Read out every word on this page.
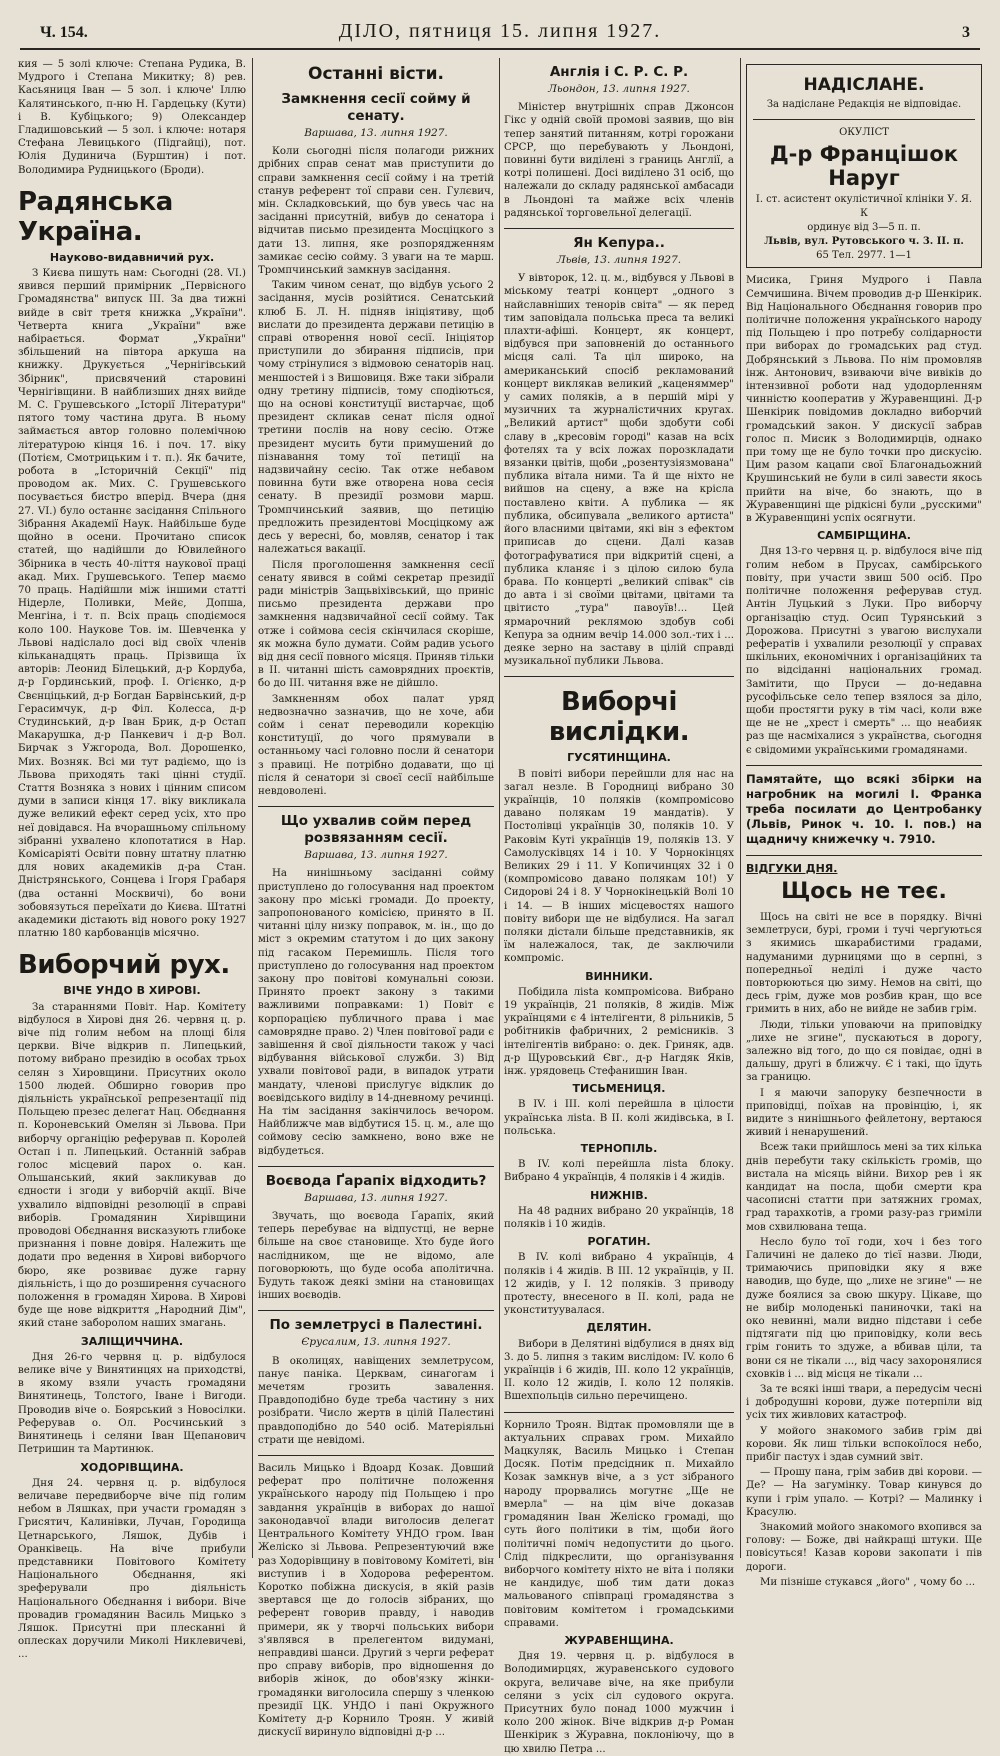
Ч. 154.	ДІЛО, пятниця 15. липня 1927.	3

кия — 5 золі ключе: Степана Рудика, В. Мудрого і Степана Микитку; 8) рев. Касьяниця Іван — 5 зол. і ключе' Іллю Калятинського, п-ню Н. Гардецьку (Кути) і В. Кубіцького; 9) Олександер Гладишовський — 5 зол. і ключе: нотаря Стефана Левицького (Підгайці), пот. Юлія Дудинича (Бурштин) і пот. Володимира Рудницького (Броди).

Радянська Україна.
Науково-видавничий рух.

З Києва пишуть нам: Сьогодні (28. VI.) явився перший примірник „Первісного Громадянства" випуск III. За два тижні вийде в світ третя книжка „України". Четверта книга „України" вже набірається. Формат „України" збільшений на півтора аркуша на книжку. Друкується „Чернігівський Збірник", присвячений старовині Чернігівщини. В найблизших днях вийде М. С. Грушевського „Історії Літератури" пятого тому частина друга. В ньому займається автор головно полемічною літературою кінця 16. і поч. 17. віку (Потієм, Смотрицьким і т. п.). Як бачите, робота в „Історичній Секції" під проводом ак. Мих. С. Грушевського посувається бистро вперід. Вчера (дня 27. VI.) було останнє засідання Спільного Зібрання Академії Наук. Найбільше буде щойно в осени. Прочитано список статей, що надійшли до Ювилейного Збірника в честь 40-ліття наукової праці акад. Мих. Грушевського. Тепер маємо 70 праць. Надійшли між іншими статті Нідерле, Поливки, Мейє, Допша, Менгіна, і т. п. Всіх праць сподіємося коло 100. Наукове Тов. ім. Шевченка у Львові надіслало досі від своїх членів кільканадцять праць. Прізвища їх авторів: Леонид Білецький, д-р Кордуба, д-р Гординський, проф. І. Огієнко, д-р Свєнціцький, д-р Богдан Барвінський, д-р Герасимчук, д-р Філ. Колесса, д-р Студинський, д-р Іван Брик, д-р Остап Макарушка, д-р Панкевич і д-р Вол. Бирчак з Ужгорода, Вол. Дорошенко, Мих. Возняк. Всі ми тут радіємо, що із Львова приходять такі цінні студії. Стаття Возняка з нових і цінним списом думи в записи кінця 17. віку викликала дуже великий ефект серед усіх, хто про неї довідався. На вчорашньому спільному зібранні ухвалено клопотатися в Нар. Комісаріяті Освіти повну штатну платню для нових академиків д-ра Стан. Дністрянського, Сонцева і Ігоря Грабаря (два останні Москвичі), бо вони зобовязуться переїхати до Києва. Штатні академики дістають від нового року 1927 платню 180 карбованців місячно.

Виборчий рух.
ВІЧЕ УНДО В ХИРОВІ.

За стараннями Повіт. Нар. Комітету відбулося в Хирові дня 26. червня ц. р. віче під голим небом на площі біля церкви. Віче відкрив п. Липецький, потому вибрано президію в особах трьох селян з Хировщини. Присутних около 1500 людей. Обширно говорив про діяльність української репрезентації під Польщею презес делегат Нац. Обєднання п. Короневський Омелян зі Львова. При виборчу органіцію реферував п. Королей Остап і п. Липецький. Останній забрав голос місцевий парох о. кан. Ольшанський, який закликував до єдности і згоди у виборчій акції. Віче ухвалило відповідні резолюції в справі виборів. Громадянин Хирівщини проводові Обєднання висказують глибоке признання і повне довіря. Належить ще додати про ведення в Хирові виборчого бюро, яке розвиває дуже гарну діяльність, і що до розширення сучасного положення в громадян Хирова. В Хирові буде ще нове відкриття „Народний Дім", який стане заборолом наших змагань.

ЗАЛІЩИЧЧИНА.

Дня 26-го червня ц. р. відбулося велике віче у Винятинцях на приходстві, в якому взяли участь громадяни Винятинець, Толстого, Іване і Вигоди. Проводив віче о. Боярський з Новосілки. Реферував о. Ол. Росчинський з Винятинець і селяни Іван Щепанович Петришин та Мартинюк.

ХОДОРІВЩИНА.

Дня 24. червня ц. р. відбулося величаве передвиборче віче під голим небом в Ляшках, при участи громадян з Грисятич, Калинівки, Лучан, Городища Цетнарського, Ляшок, Дубів і Оранківець. На віче прибули представники Повітового Комітету Національного Обєднання, які зреферували про діяльність Національного Обєднання і вибори. Віче провадив громадянин Василь Мицько з Ляшок. Присутні при плесканні й оплесках доручили Миколі Никлевичеві, ...

Останні вісти.
Замкнення сесії сойму й сенату.
Варшава, 13. липня 1927.

Коли сьогодні після полагоди рижних дрібних справ сенат мав приступити до справи замкнення сесії сойму і на третій станув референт тої справи сен. Гулєвич, мін. Складковський, що був увесь час на засіданні присутній, вибув до сенатора і відчитав письмо президента Мосціцкого з дати 13. липня, яке розпорядженням замикає сесію сойму. З уваги на те марш. Тромпчинський замкнув засідання.

Таким чином сенат, що відбув усього 2 засідання, мусів розійтися. Сенатський клюб Б. Л. Н. підняв ініціятиву, щоб вислати до президента держави петицію в справі отворення нової сесії. Ініціятор приступили до збирання підписів, при чому стрінулися з відмовою сенаторів нац. меншостей і з Вишовиця. Вже таки зібрали одну третину підписів, тому сподіються, що на основі конституції вистарчає, щоб президент скликав сенат після одної третини послів на нову сесію. Отже президент мусить бути примушений до пізнавання тому тої петиції на надзвичайну сесію. Так отже небавом повинна бути вже отворена нова сесія сенату. В президії розмови марш. Тромпчинський заявив, що петицію предложить президентові Мосціцкому аж десь у вересні, бо, мовляв, сенатор і так належаться вакації.

Після проголошення замкнення сесії сенату явився в соймі секретар президії ради міністрів Защьвіхівський, що приніс письмо президента держави про замкнення надзвичайної сесії сойму. Так отже і соймова сесія скінчилася скоріше, як можна було думати. Сойм радив усього від дня сесії повного місяця. Приняв тільки в II. читанні шість самоврядних проєктів, бо до III. читання вже не дійшло.

Замкненням обох палат уряд недвозначно зазначив, що не хоче, аби сойм і сенат переводили корекцію конституції, до чого прямували в останньому часі головно посли й сенатори з правиці. Не потрібно додавати, що ці після й сенатори зі своєї сесії найбільше невдоволені.

Що ухвалив сойм перед розвязанням сесії.
Варшава, 13. липня 1927.

На нинішньому засіданні сойму приступлено до голосування над проектом закону про міські громади. До проекту, запропонованого комісією, принято в II. читанні цілу низку поправок, м. ін., що до міст з окремим статутом і до цих закону під гасаком Перемишль. Після того приступлено до голосування над проектом закону про повітові комунальні союзи. Принято проект закону з такими важливими поправками: 1) Повіт є корпорацією публичного права і має самоврядне право. 2) Член повітової ради є завішення й свої діяльности також у часі відбування військової служби. 3) Від ухвали повітової ради, в випадок утрати мандату, членові прислугує відклик до воєвідського виділу в 14-дневному речинці. На тім засідання закінчилось вечором. Найближче мав відбутися 15. ц. м., але що соймову сесію замкнено, воно вже не відбудеться.

Воєвода Ґарапіх відходить?
Варшава, 13. липня 1927.

Звучать, що воєвода Ґарапіх, який теперь перебуває на відпустці, не верне більше на своє становище. Хто буде його наслідником, ще не відомо, але поговорюють, що буде особа аполітична. Будуть також деякі зміни на становищах інших воєводів.

По землетрусі в Палестині.
Єрусалим, 13. липня 1927.

В околицях, навіщених землетрусом, панує паніка. Церквам, синагогам і мечетям грозить завалення. Правдоподібно буде треба частину з них розібрати. Число жертв в цілій Палестині правдоподібно до 540 осіб. Матеріяльні страти ще невідомі.

Василь Мицько і Вдоард Козак. Довший реферат про політичне положення українського народу під Польщею і про завдання українців в виборах до нашої законодавчої влади виголосив делегат Центрального Комітету УНДО гром. Іван Желіско зі Львова. Репрезентуючий вже раз Ходорівщину в повітовому Комітеті, він виступив і в Ходорова референтом. Коротко побіжна дискусія, в якій разів звертався ще до голосів зібраних, що референт говорив правду, і наводив примери, як у творчі польських вибори з'являвся в прелегентом видумані, неправдиві шанси. Другий з черги реферат про справу виборів, про відношення до виборів жінок, до обов'язку жінки-громадянки виголосила спершу з членкою президії ЦК. УНДО і пані Окружного Комітету д-р Корнило Троян. У живій дискусії виринуло відповідні д-р ...

Англія і С. Р. С. Р.
Льондон, 13. липня 1927.

Міністер внутрішніх справ Джонсон Гікс у одній своїй промові заявив, що він тепер занятий питанням, котрі горожани СРСР, що перебувають у Льондоні, повинні бути виділені з границь Англії, а котрі полишені. Досі виділено 31 осіб, що належали до складу радянської амбасади в Льондоні та майже всіх членів радянської торговельної делегації.

Ян Кепура..
Львів, 13. липня 1927.

У вівторок, 12. ц. м., відбувся у Львові в міському театрі концерт „одного з найславніших тенорів світа" — як перед тим заповідала польська преса та великі плахти-афіші. Концерт, як концерт, відбувся при заповненій до останнього місця салі. Та ціл широко, на американський спосіб рекламований концерт виклякав великий „каценяммер" у самих поляків, а в першій мірі у музичних та журналістичних кругах. „Великий артист" щоби здобути собі славу в „кресовім городі" казав на всіх фотелях та у всіх ложах порозкладати вязанки цвітів, щоби „розентузіязмована" публика вітала ними. Та й ще ніхто не вийшов на сцену, а вже на крісла поставлено квіти. А публика — як публика, обсипувала „великого артиста" його власними цвітами, які він з ефектом приписав до сцени. Далі казав фотографуватися при відкритій сцені, а публика кланяє і з цілою силою була брава. По концерті „великий співак" сів до авта і зі своїми цвітами, цвітами та цвітисто „тура" павоуїв!... Цей ярмарочний реклямою здобув собі Кепура за одним вечір 14.000 зол.-тих і ... деяке зерно на заставу в цілій справді музикальної публики Львова.

Виборчі вислідки.
ГУСЯТИНЩИНА.

В повіті вибори перейшли для нас на загал незле. В Городниці вибрано 30 українців, 10 поляків (компромісово давано полякам 19 мандатів). У Постолівці українців 30, поляків 10. У Раковім Куті українців 19, поляків 13. У Самолусківцях 14 і 10. У Чорнокінцях Великих 29 і 11. У Копичинцях 32 і 0 (компромісово давано полякам 10!) У Сидорові 24 і 8. У Чорнокінецькій Волі 10 і 14. — В інших місцевостях нашого повіту вибори ще не відбулися. На загал поляки дістали більше представників, як їм належалося, так, де заключили компроміс.

ВИННИКИ.

Побідила лista компромісова. Вибрано 19 українців, 21 поляків, 8 жидів. Між українцями є 4 інтелігенти, 8 рільників, 5 робітників фабричних, 2 ремісників. З інтелігентів вибрано: о. дек. Гриняк, адв. д-р Щуровський Євг., д-р Нагдяк Яків, інж. урядовець Стефанишин Іван.

ТИСЬМЕНИЦЯ.

В IV. і III. колі перейшла в цілости українська лista. В II. колі жидівська, в I. польська.

ТЕРНОПІЛЬ.

В IV. колі перейшла лista блоку. Вибрано 4 українців, 4 поляків і 4 жидів.

НИЖНІВ.

На 48 радних вибрано 20 українців, 18 поляків і 10 жидів.

РОГАТИН.

В IV. колі вибрано 4 українців, 4 поляків і 4 жидів. В III. 12 українців, у II. 12 жидів, у I. 12 поляків. З приводу протесту, внесеного в II. колі, рада не уконституувалася.

ДЕЛЯТИН.

Вибори в Делятині відбулися в днях від 3. до 5. липня з таким вислідом: IV. коло 6 українців і 6 жидів, III. коло 12 українців, II. коло 12 жидів, I. коло 12 поляків. Вшехпольців сильно перечищено.

Корнило Троян. Відтак промовляли ще в актуальних справах гром. Михайло Мацкуляк, Василь Мицько і Степан Досяк. Потім предсідник п. Михайло Козак замкнув віче, а з уст зібраного народу прорвались могутнє „Ще не вмерла" — на цім віче доказав громадянин Іван Желіско громаді, що суть його політики в тім, щоби його політичні поміч недопустити до цього. Слід підкреслити, що організування виборчого комітету ніхто не віта і поляки не кандидує, шоб тим дати доказ мальованого співпраці громадянства з повітовим комітетом і громадськими справами.

ЖУРАВЕНЩИНА.

Дня 19. червня ц. р. відбулося в Володимирцях, журавенського судового округа, величаве віче, на яке прибули селяни з усіх сіл судового округа. Присутних було понад 1000 мужчин і коло 200 жінок. Віче відкрив д-р Роман Шенкірик з Журавна, поклоніючу, що в цю хвилю Петра ...

НАДІСЛАНЕ.
За надіслане Редакція не відповідає.
ОКУЛІСТ
Д-р Францішок Наруг
І. ст. асистент окулістичної клініки У. Я. К
ординує від 3—5 п. п.
Львів, вул. Рутовського ч. 3. II. п.
65 Тел. 2977. 1—1

Мисика, Гриня Мудрого і Павла Семчишина. Вічем проводив д-р Шенкірик. Від Національного Обєднання говорив про політичне положення українського народу під Польщею і про потребу солідарности при виборах до громадських рад студ. Добрянський з Львова. По нім промовляв інж. Антонович, взиваючи віче вивіків до інтензивної роботи над удодорленням чинністю кооператив у Журавенщині. Д-р Шенкірик повідомив докладно виборчий громадський закон. У дискусії забрав голос п. Мисик з Володимирців, однако при тому ще не було точки про дискусію. Цим разом кацапи свої Благонадьожний Крушинський не були в силі завести якось прийти на віче, бо знають, що в Журавенщині ще рідкісні були „русскими" в Журавенщині успіх осягнути.

САМБІРЩИНА.

Дня 13-го червня ц. р. відбулося віче під голим небом в Прусах, самбірського повіту, при участи звиш 500 осіб. Про політичне положення реферував студ. Антін Луцький з Луки. Про виборчу організацію студ. Осип Турянський з Дорожова. Присутні з увагою вислухали рефератів і ухвалили резолюції у справах шкільних, економічних і організаційних та по відсіданні національних громад. Замітити, що Пруси — до-недавна русофільське село тепер взялося за діло, щоби простягти руку в тім часі, коли вже ще не не „хрест і смерть" ... що неабияк раз ще насміхалися з українства, сьогодня є свідомими українськими громадянами.

Памятайте, що всякі збірки на нагробник на могилі І. Франка треба посилати до Центробанку (Львів, Ринок ч. 10. І. пов.) на щадничу книжечку ч. 7910.
ВІДГУКИ ДНЯ.
Щось не теє.

Щось на світі не все в порядку. Вічні землетруси, бурі, громи і тучі черґуються з якимись шкарабистими градами, надуманими дурницями що в серпні, з попередньої неділі і дуже часто повторюються цю зиму. Немов на світі, що десь грім, дуже мов розбив кран, що все гримить в них, або не вийде не забив грім.

Люди, тільки уповаючи на приповідку „лихе не згине", пускаються в дорогу, залежно від того, до що ся повідає, одні в дальшу, другі в ближчу. Є і такі, що їдуть за границю.

І я маючи запоруку безпечности в приповідці, поїхав на провінцію, і, як видите з нинішнього фейлетону, вертаюся живий і ненарушений.

Всеж таки прийшлось мені за тих кілька днів перебути таку скількість громів, що вистала на місяць війни. Вихор рев і як кандидат на посла, щоби смерти кра часописні статти при затяжних громах, град тарахкотів, а громи разу-раз гриміли мов схвилювана теща.

Несло було тої годи, хоч і без того Галичині не далеко до тієї назви. Люди, тримаючись приповідки яку я вже наводив, що буде, що „лихе не згине" — не дуже боялися за свою шкуру. Цікаве, що не вибір молоденькі паниночки, такі на око невинні, мали видно підстави і себе підтягати під цю приповідку, коли весь грім гонить то здуже, а вбивав ціли, та вони ся не тікали ..., від часу захоронялися сховків і ... від місця не тікали ...

За те всякі інші твари, а передусім чесні і добродушні корови, дуже потерпіли від усіх тих живлових катастроф.

У мойого знакомого забив грім дві корови. Як лиш тільки вспокоїлося небо, прибіг пастух і здав сумний звіт.

— Прошу пана, грім забив дві корови. — Де? — На загумінку. Товар кинувся до купи і грім упало. — Котрі? — Малинку і Красулю.

Знакомий мойого знакомого вхопився за голову: — Боже, дві найкращі штуки. Ще повісуться! Казав корови закопати і пів дороги.

Ми пізніше стукався „його" , чому бо ...
